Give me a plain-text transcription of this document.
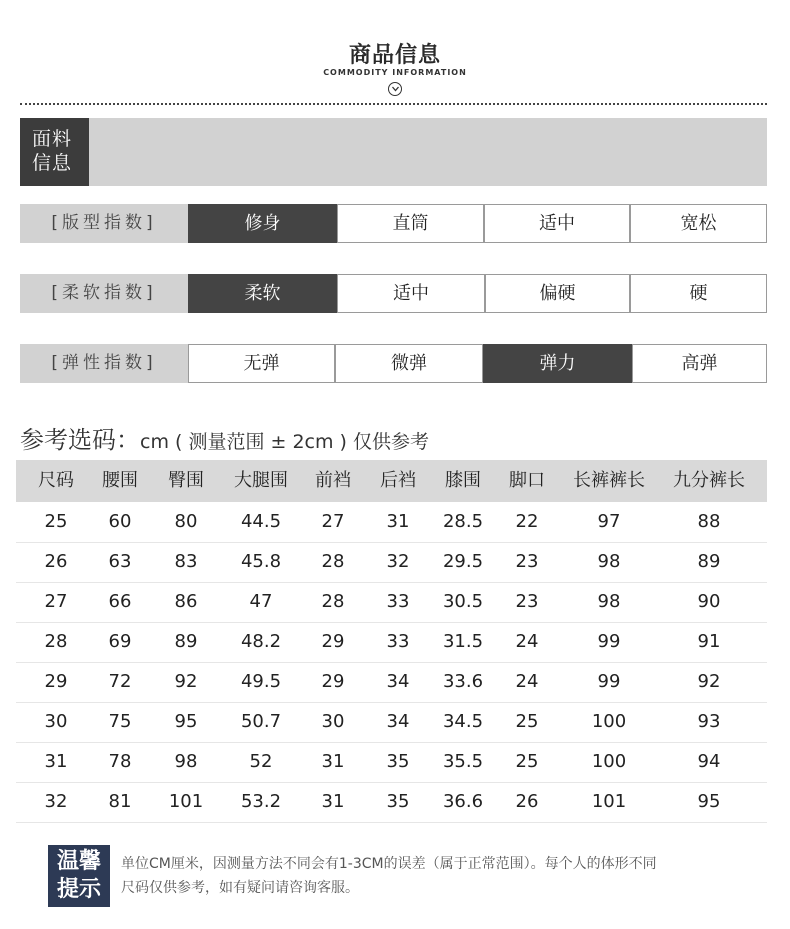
商品信息
COMMODITY INFORMATION
面料
信息
[版型指数]	修身	直筒	适中	宽松
[柔软指数]	柔软	适中	偏硬	硬
[弹性指数]	无弹	微弹	弹力	高弹
参考选码：cm ( 测量范围 ± 2cm ) 仅供参考
尺码	腰围	臀围	大腿围	前裆	后裆	膝围	脚口	长裤裤长	九分裤长
25	60	80	44.5	27	31	28.5	22	97	88
26	63	83	45.8	28	32	29.5	23	98	89
27	66	86	47	28	33	30.5	23	98	90
28	69	89	48.2	29	33	31.5	24	99	91
29	72	92	49.5	29	34	33.6	24	99	92
30	75	95	50.7	30	34	34.5	25	100	93
31	78	98	52	31	35	35.5	25	100	94
32	81	101	53.2	31	35	36.6	26	101	95
温馨
提示
单位CM厘米，因测量方法不同会有1-3CM的误差（属于正常范围）。每个人的体形不同
尺码仅供参考，如有疑问请咨询客服。
